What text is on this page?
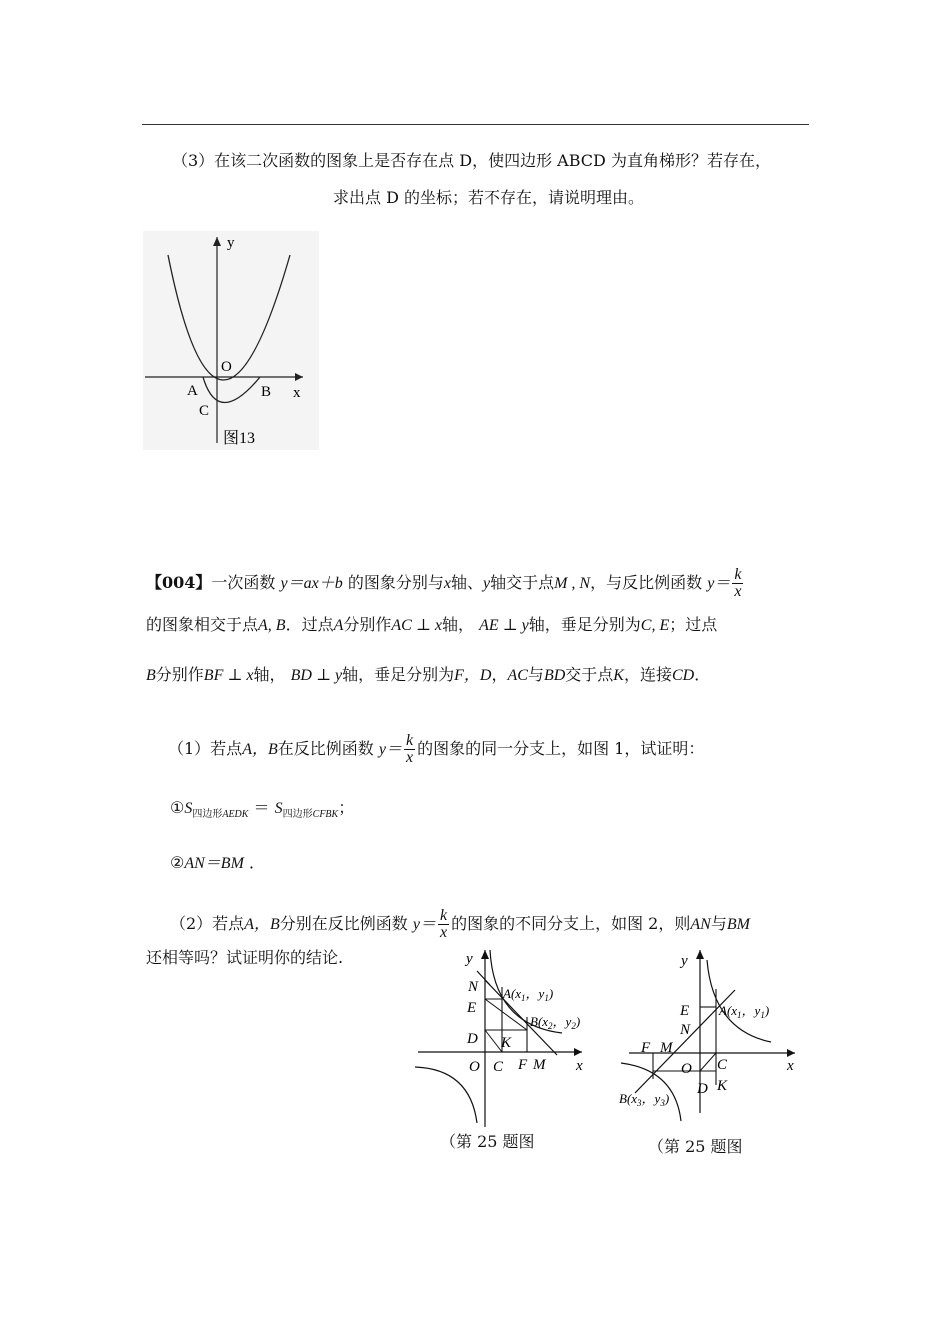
（3）在该二次函数的图象上是否存在点 D，使四边形 ABCD 为直角梯形？若存在，
求出点 D 的坐标；若不存在，请说明理由。
y
x
O
A	B
C
图13
【004】一次函数 y＝ax＋b 的图象分别与x轴、y轴交于点M , N，与反比例函数 $y= \frac{k}{x}$
的图象相交于点A, B．过点A分别作AC ⊥ x轴， AE ⊥ y轴，垂足分别为C, E；过点
B分别作BF ⊥ x轴， BD ⊥ y轴，垂足分别为F，D，AC与BD交于点K，连接CD．
（1）若点A，B在反比例函数 $y= \frac{k}{x}$ 的图象的同一分支上，如图 1，试证明：
$①S_{四边形AEDK} = S_{四边形CFBK}$；
②AN＝BM ．
（2）若点A，B分别在反比例函数 $y= \frac{k}{x}$ 的图象的不同分支上，如图 2，则AN与BM
还相等吗？试证明你的结论.	y
x
N
E
D
O C
K
F M
$A(x_1$，$y_1$)
$B(x_2$，$y_2$)
（第 25 题图
y
x
E
N
F M
O C
D K
$A(x_1$，$y_1$)
$B(x_3$，$y_3$)
（第 25 题图
